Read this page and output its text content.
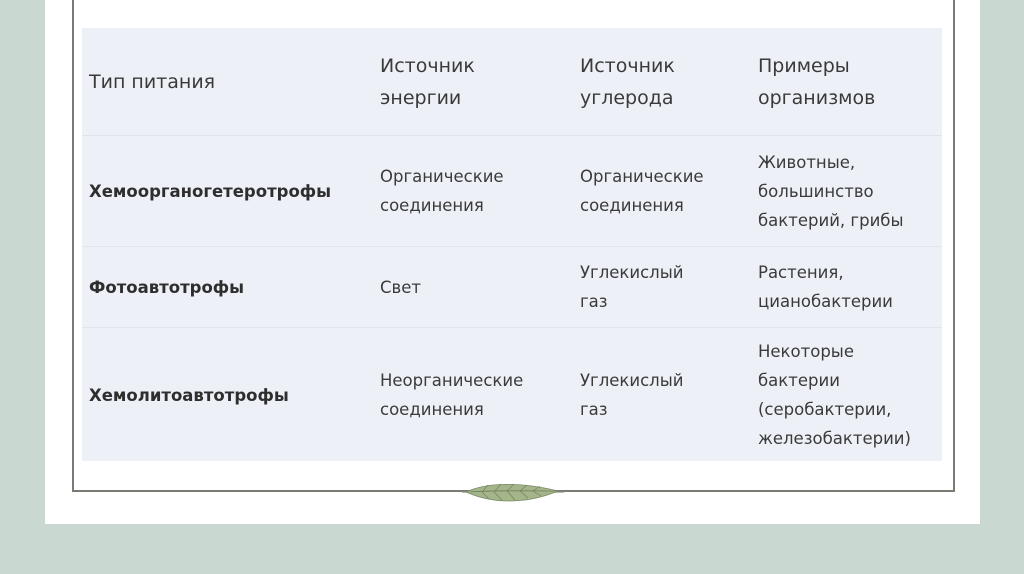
Тип питания	Источник энергии	Источник углерода	Примеры организмов

Хемоорганогетеротрофы	Органические соединения	Органические соединения	Животные, большинство бактерий, грибы

Фотоавтотрофы	Свет	Углекислый газ	Растения, цианобактерии

Хемолитоавтотрофы	Неорганические соединения	Углекислый газ	Некоторые бактерии (серобактерии, железобактерии)
